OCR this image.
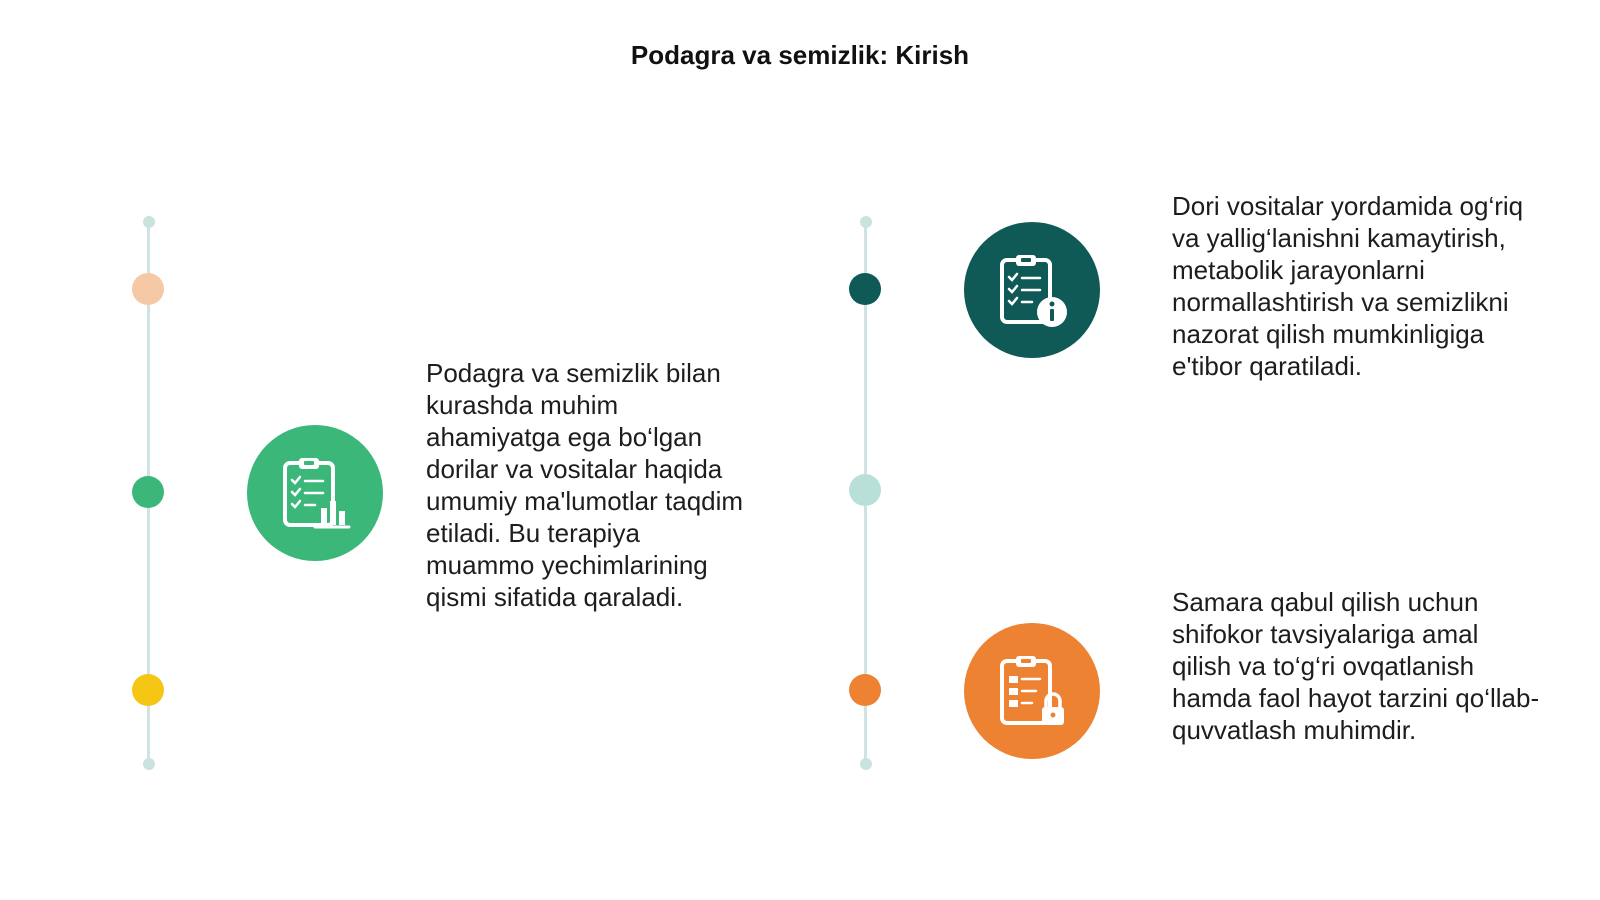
Podagra va semizlik: Kirish
Podagra va semizlik bilan kurashda muhim ahamiyatga ega bo‘lgan dorilar va vositalar haqida umumiy ma'lumotlar taqdim etiladi. Bu terapiya muammo yechimlarining qismi sifatida qaraladi.
Dori vositalar yordamida og‘riq va yallig‘lanishni kamaytirish, metabolik jarayonlarni normallashtirish va semizlikni nazorat qilish mumkinligiga e'tibor qaratiladi.
Samara qabul qilish uchun shifokor tavsiyalariga amal qilish va to‘g‘ri ovqatlanish hamda faol hayot tarzini qo‘llab-quvvatlash muhimdir.
